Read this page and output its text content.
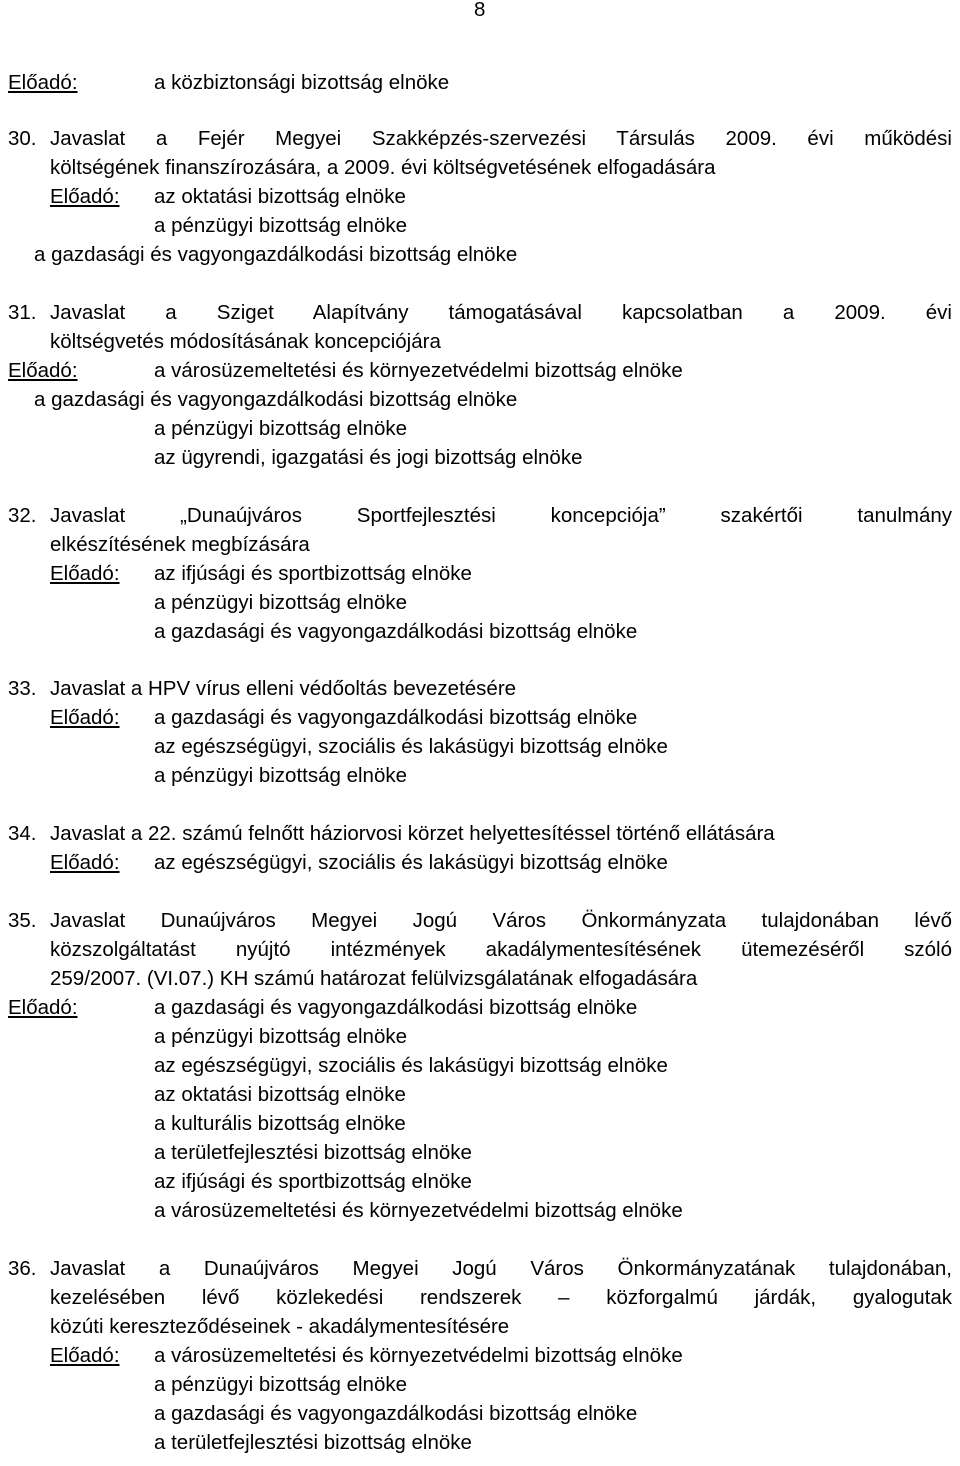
8
Előadó:	a közbiztonsági bizottság elnöke
30. Javaslat a Fejér Megyei Szakképzés-szervezési Társulás 2009. évi működési
költségének finanszírozására, a 2009. évi költségvetésének elfogadására
Előadó: az oktatási bizottság elnöke
a pénzügyi bizottság elnöke
a gazdasági és vagyongazdálkodási bizottság elnöke
31. Javaslat a Sziget Alapítvány támogatásával kapcsolatban a 2009. évi
költségvetés módosításának koncepciójára
Előadó:	a városüzemeltetési és környezetvédelmi bizottság elnöke
a gazdasági és vagyongazdálkodási bizottság elnöke
a pénzügyi bizottság elnöke
az ügyrendi, igazgatási és jogi bizottság elnöke
32. Javaslat „Dunaújváros Sportfejlesztési koncepciója” szakértői tanulmány
elkészítésének megbízására
Előadó: az ifjúsági és sportbizottság elnöke
a pénzügyi bizottság elnöke
a gazdasági és vagyongazdálkodási bizottság elnöke
33. Javaslat a HPV vírus elleni védőoltás bevezetésére
Előadó: a gazdasági és vagyongazdálkodási bizottság elnöke
az egészségügyi, szociális és lakásügyi bizottság elnöke
a pénzügyi bizottság elnöke
34. Javaslat a 22. számú felnőtt háziorvosi körzet helyettesítéssel történő ellátására
Előadó: az egészségügyi, szociális és lakásügyi bizottság elnöke
35. Javaslat Dunaújváros Megyei Jogú Város Önkormányzata tulajdonában lévő
közszolgáltatást nyújtó intézmények akadálymentesítésének ütemezéséről szóló
259/2007. (VI.07.) KH számú határozat felülvizsgálatának elfogadására
Előadó:	a gazdasági és vagyongazdálkodási bizottság elnöke
a pénzügyi bizottság elnöke
az egészségügyi, szociális és lakásügyi bizottság elnöke
az oktatási bizottság elnöke
a kulturális bizottság elnöke
a területfejlesztési bizottság elnöke
az ifjúsági és sportbizottság elnöke
a városüzemeltetési és környezetvédelmi bizottság elnöke
36. Javaslat a Dunaújváros Megyei Jogú Város Önkormányzatának tulajdonában,
kezelésében lévő közlekedési rendszerek – közforgalmú járdák, gyalogutak
közúti kereszteződéseinek - akadálymentesítésére
Előadó: a városüzemeltetési és környezetvédelmi bizottság elnöke
a pénzügyi bizottság elnöke
a gazdasági és vagyongazdálkodási bizottság elnöke
a területfejlesztési bizottság elnöke
